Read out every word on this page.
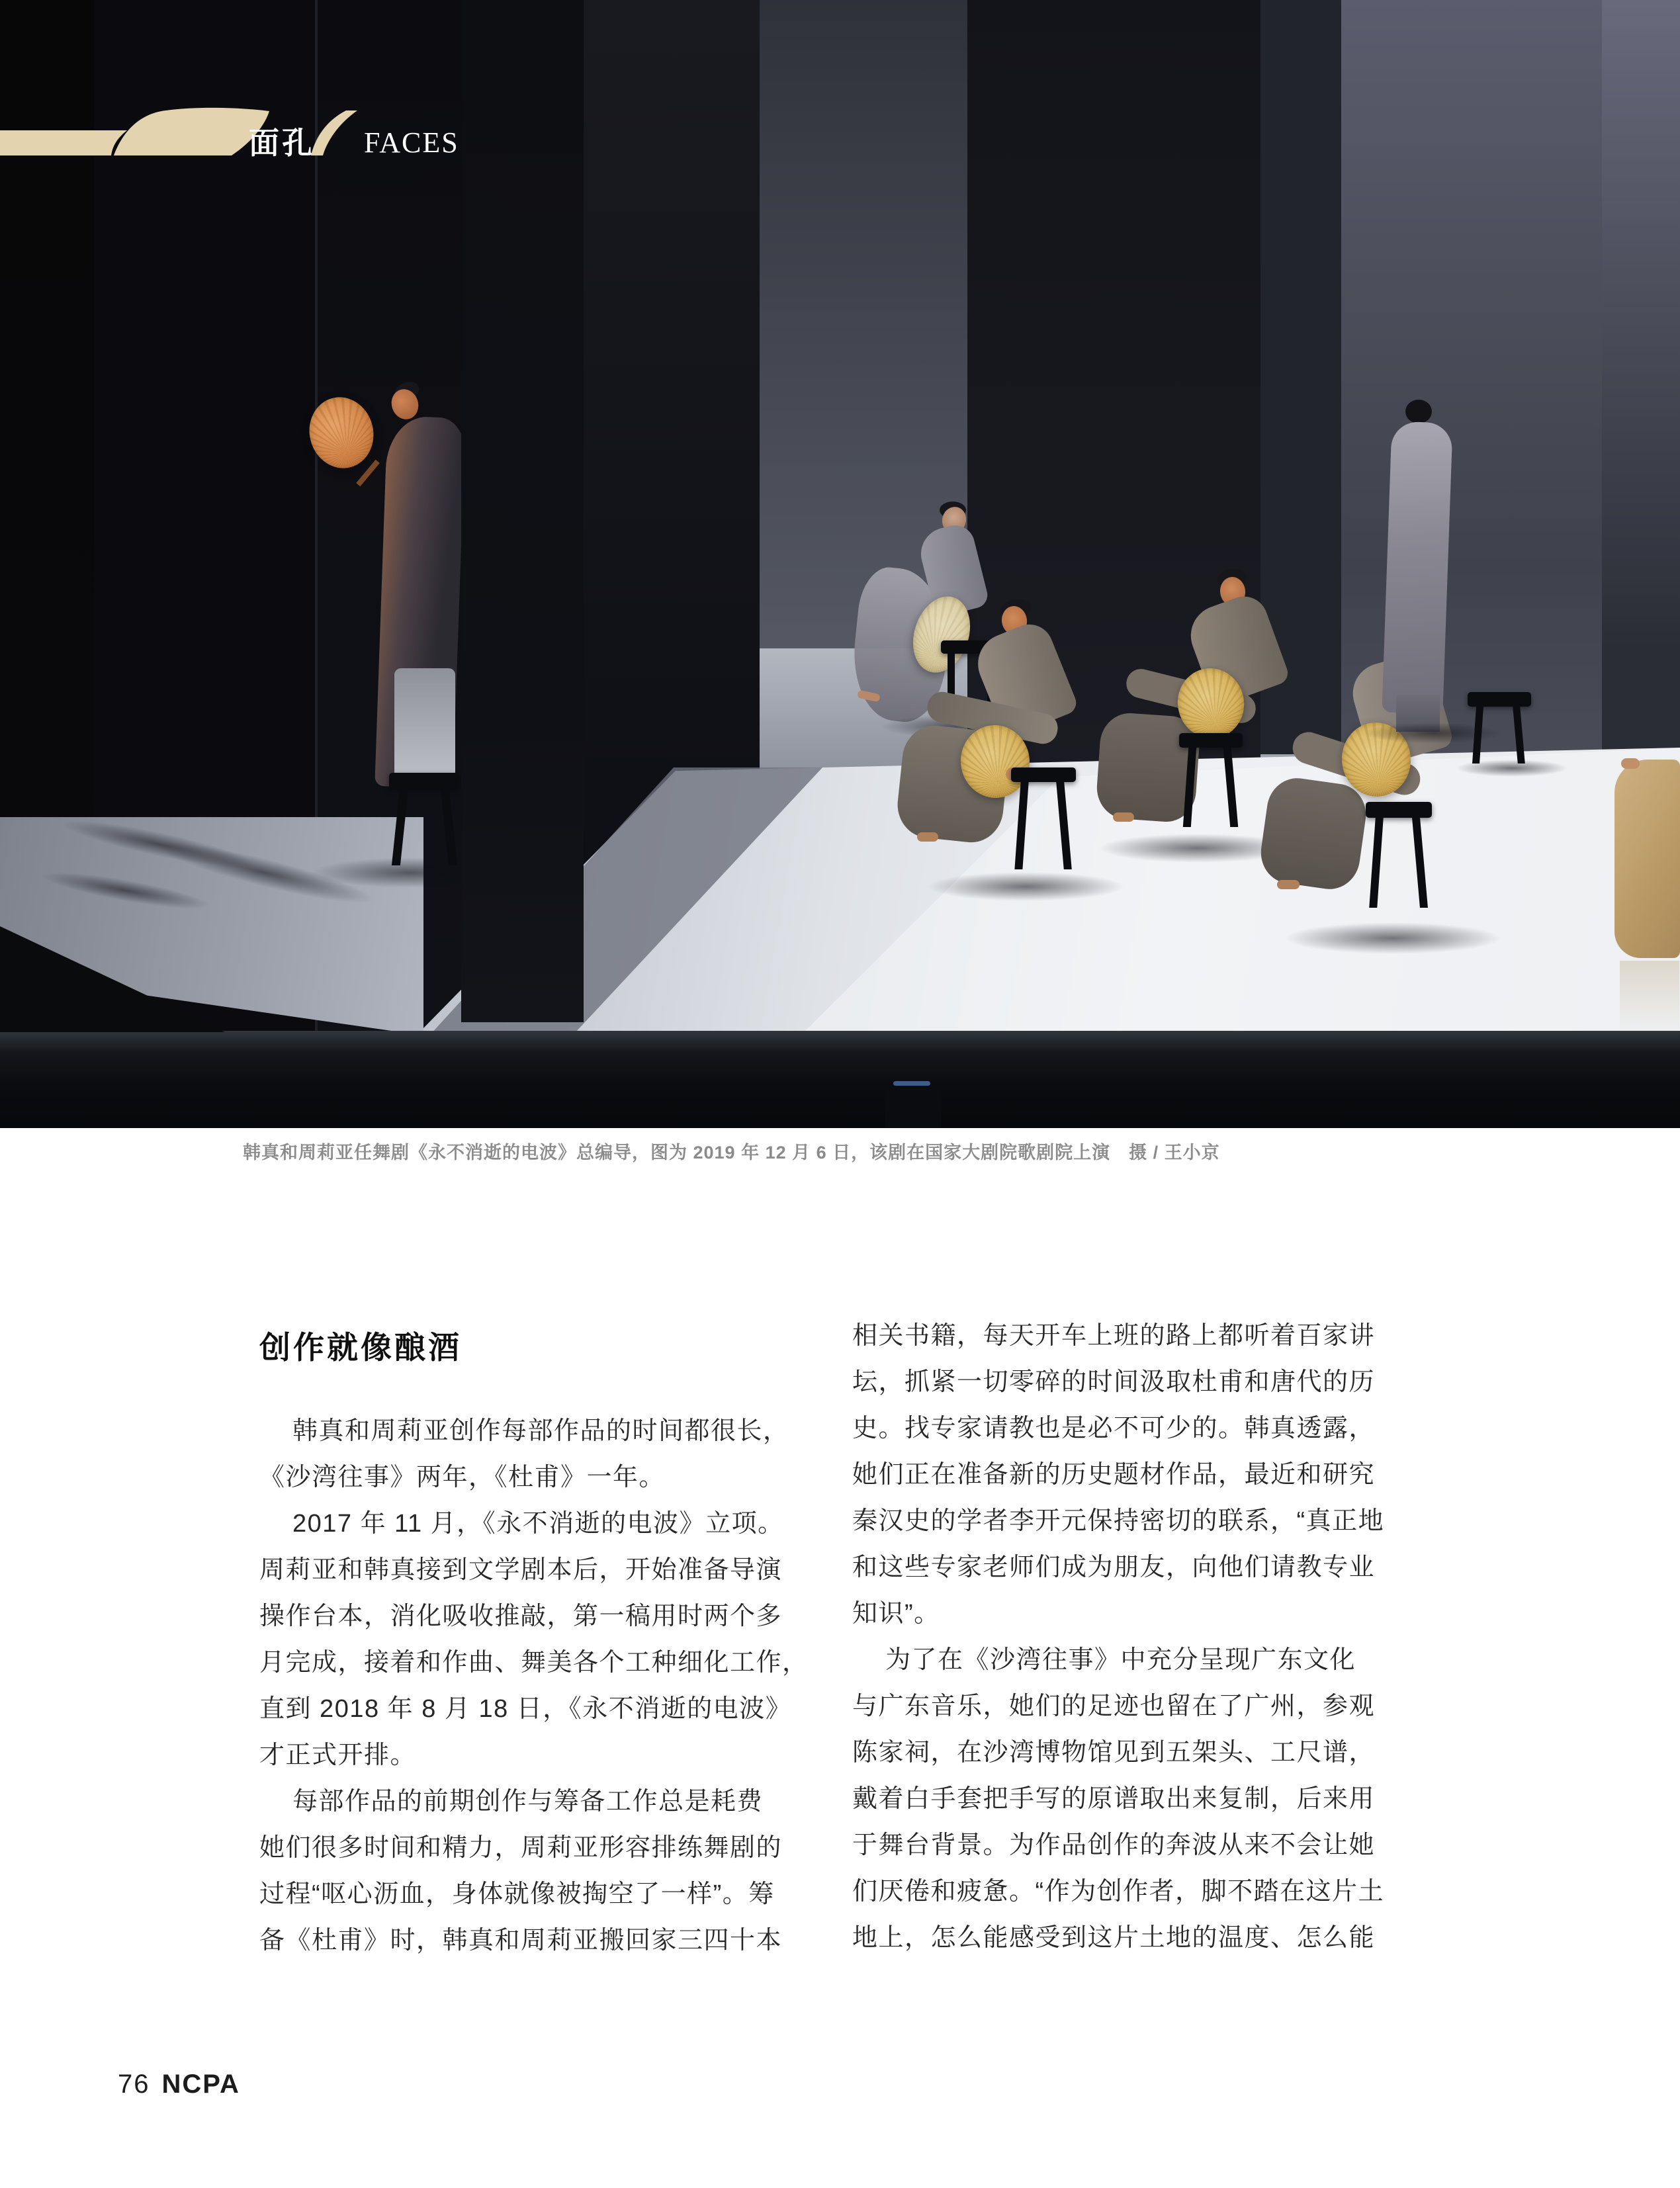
面孔 FACES
韩真和周莉亚任舞剧《永不消逝的电波》总编导，图为 2019 年 12 月 6 日，该剧在国家大剧院歌剧院上演　摄 / 王小京
创作就像酿酒
韩真和周莉亚创作每部作品的时间都很长，
《沙湾往事》两年，《杜甫》一年。
2017 年 11 月，《永不消逝的电波》立项。
周莉亚和韩真接到文学剧本后，开始准备导演
操作台本，消化吸收推敲，第一稿用时两个多
月完成，接着和作曲、舞美各个工种细化工作，
直到 2018 年 8 月 18 日，《永不消逝的电波》
才正式开排。
每部作品的前期创作与筹备工作总是耗费
她们很多时间和精力，周莉亚形容排练舞剧的
过程“呕心沥血，身体就像被掏空了一样”。筹
备《杜甫》时，韩真和周莉亚搬回家三四十本
相关书籍，每天开车上班的路上都听着百家讲
坛，抓紧一切零碎的时间汲取杜甫和唐代的历
史。找专家请教也是必不可少的。韩真透露，
她们正在准备新的历史题材作品，最近和研究
秦汉史的学者李开元保持密切的联系，“真正地
和这些专家老师们成为朋友，向他们请教专业
知识”。
为了在《沙湾往事》中充分呈现广东文化
与广东音乐，她们的足迹也留在了广州，参观
陈家祠，在沙湾博物馆见到五架头、工尺谱，
戴着白手套把手写的原谱取出来复制，后来用
于舞台背景。为作品创作的奔波从来不会让她
们厌倦和疲惫。“作为创作者，脚不踏在这片土
地上，怎么能感受到这片土地的温度、怎么能
76 NCPA
